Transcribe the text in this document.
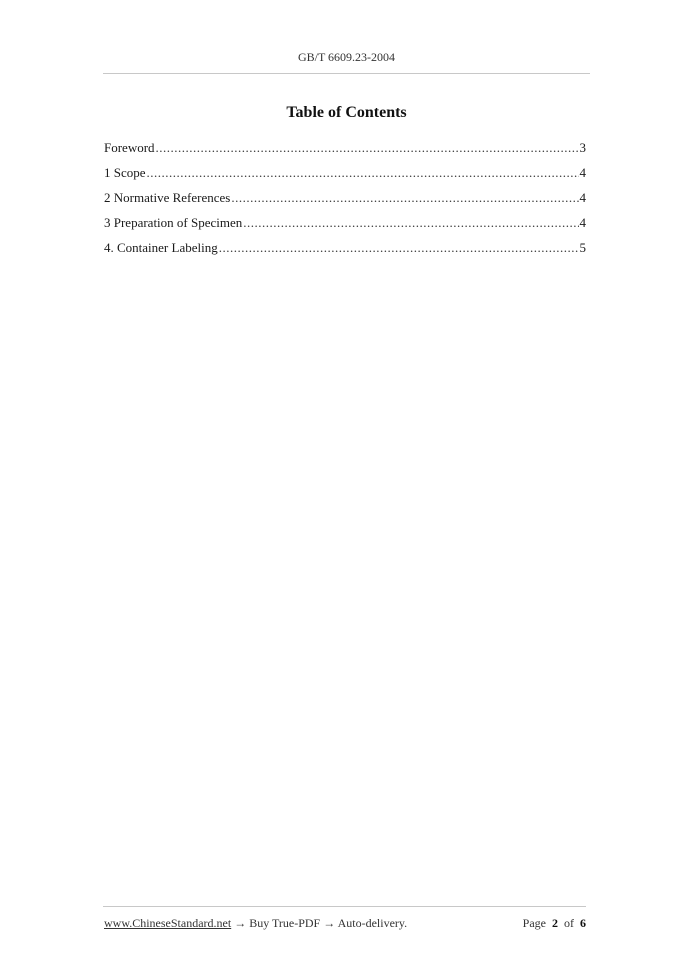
GB/T 6609.23-2004
Table of Contents
Foreword .....	3
1 Scope .....	4
2 Normative References .....	4
3 Preparation of Specimen .....	4
4. Container Labeling .....	5
www.ChineseStandard.net → Buy True-PDF → Auto-delivery.	Page 2 of 6
